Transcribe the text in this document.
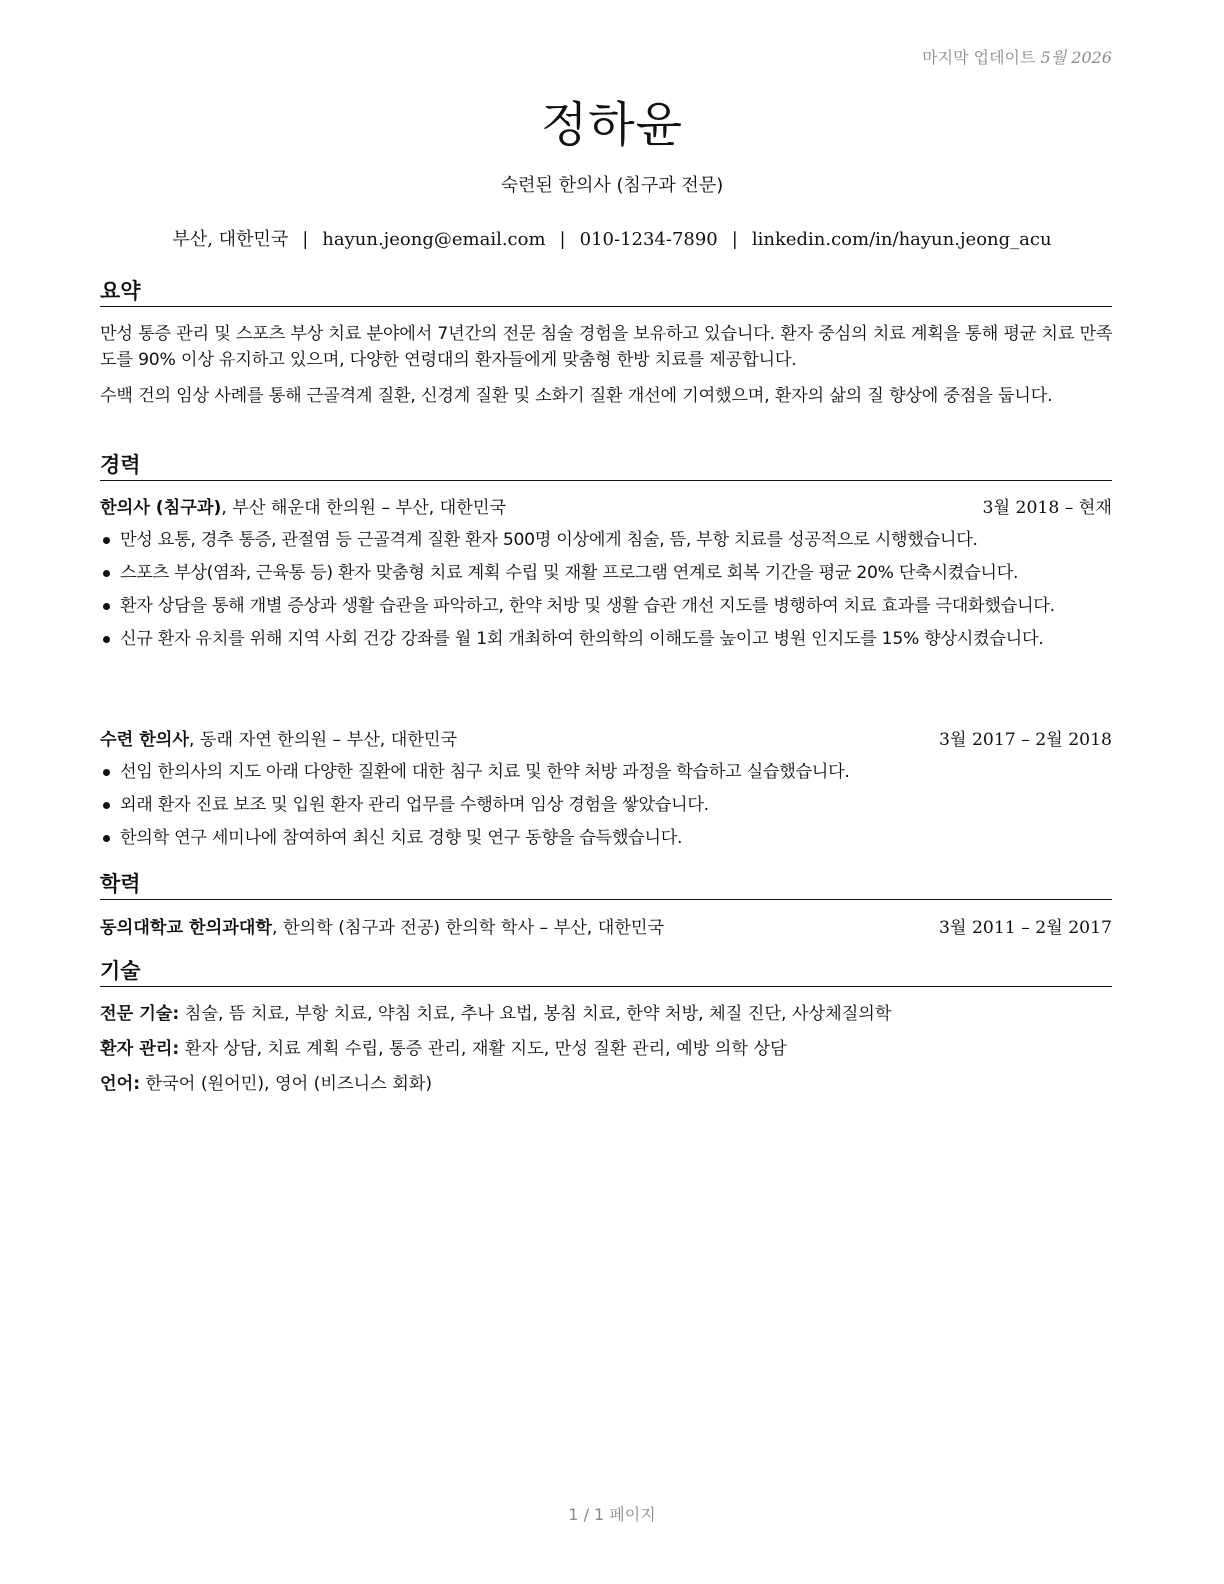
마지막 업데이트 5월 2026
정하윤
숙련된 한의사 (침구과 전문)
부산, 대한민국 | hayun.jeong@email.com | 010-1234-7890 | linkedin.com/in/hayun.jeong_acu
요약
만성 통증 관리 및 스포츠 부상 치료 분야에서 7년간의 전문 침술 경험을 보유하고 있습니다. 환자 중심의 치료 계획을 통해 평균 치료 만족도를 90% 이상 유지하고 있으며, 다양한 연령대의 환자들에게 맞춤형 한방 치료를 제공합니다.
수백 건의 임상 사례를 통해 근골격계 질환, 신경계 질환 및 소화기 질환 개선에 기여했으며, 환자의 삶의 질 향상에 중점을 둡니다.
경력
한의사 (침구과), 부산 해운대 한의원 – 부산, 대한민국	3월 2018 – 현재
만성 요통, 경추 통증, 관절염 등 근골격계 질환 환자 500명 이상에게 침술, 뜸, 부항 치료를 성공적으로 시행했습니다.
스포츠 부상(염좌, 근육통 등) 환자 맞춤형 치료 계획 수립 및 재활 프로그램 연계로 회복 기간을 평균 20% 단축시켰습니다.
환자 상담을 통해 개별 증상과 생활 습관을 파악하고, 한약 처방 및 생활 습관 개선 지도를 병행하여 치료 효과를 극대화했습니다.
신규 환자 유치를 위해 지역 사회 건강 강좌를 월 1회 개최하여 한의학의 이해도를 높이고 병원 인지도를 15% 향상시켰습니다.
수련 한의사, 동래 자연 한의원 – 부산, 대한민국	3월 2017 – 2월 2018
선임 한의사의 지도 아래 다양한 질환에 대한 침구 치료 및 한약 처방 과정을 학습하고 실습했습니다.
외래 환자 진료 보조 및 입원 환자 관리 업무를 수행하며 임상 경험을 쌓았습니다.
한의학 연구 세미나에 참여하여 최신 치료 경향 및 연구 동향을 습득했습니다.
학력
동의대학교 한의과대학, 한의학 (침구과 전공) 한의학 학사 – 부산, 대한민국	3월 2011 – 2월 2017
기술
전문 기술: 침술, 뜸 치료, 부항 치료, 약침 치료, 추나 요법, 봉침 치료, 한약 처방, 체질 진단, 사상체질의학
환자 관리: 환자 상담, 치료 계획 수립, 통증 관리, 재활 지도, 만성 질환 관리, 예방 의학 상담
언어: 한국어 (원어민), 영어 (비즈니스 회화)
1 / 1 페이지
